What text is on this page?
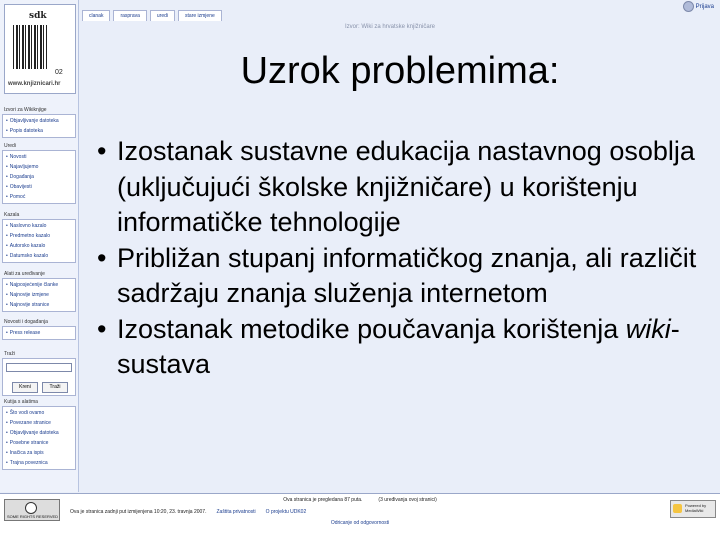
sdk
02
www.knjiznicari.hr
Izvori za Wikiknjige
• Objavljivanje datoteka
• Popis datoteka
Uredi
• Novosti
• Najavljujemo
• Događanja
• Obavijesti
• Pomoć
Kazala
• Naslovno kazalo
• Predmetno kazalo
• Autorsko kazalo
• Datumsko kazalo
Alati za uređivanje
• Najposjećenije članke
• Najnovije izmjene
• Najnovije stranice
Novosti i događanja
• Press release
Traži
Kreni	Traži
Kutija s alatima
• Što vodi ovamo
• Povezane stranice
• Objavljivanje datoteka
• Posebne stranice
• Inačica za ispis
• Trajna poveznica
clanak	rasprava	uredi	stare izmjene
Izvor: Wiki za hrvatske knjižničare
Prijava
Uzrok problemima:
• Izostanak sustavne edukacija nastavnog osoblja (uključujući školske knjižničare) u korištenju informatičke tehnologije
• Približan stupanj informatičkog znanja, ali različit sadržaju znanja služenja internetom
• Izostanak metodike poučavanja korištenja wiki-sustava
SOME RIGHTS RESERVED
Ova stranica je pregledana 87 puta.	(3 uređivanja ovoj stranici)
Ova je stranica zadnji put izmijenjena 10:20, 23. travnja 2007. Zaštita privatnosti O projektu UDK02
Odricanje od odgovornosti
Powered by MediaWiki
